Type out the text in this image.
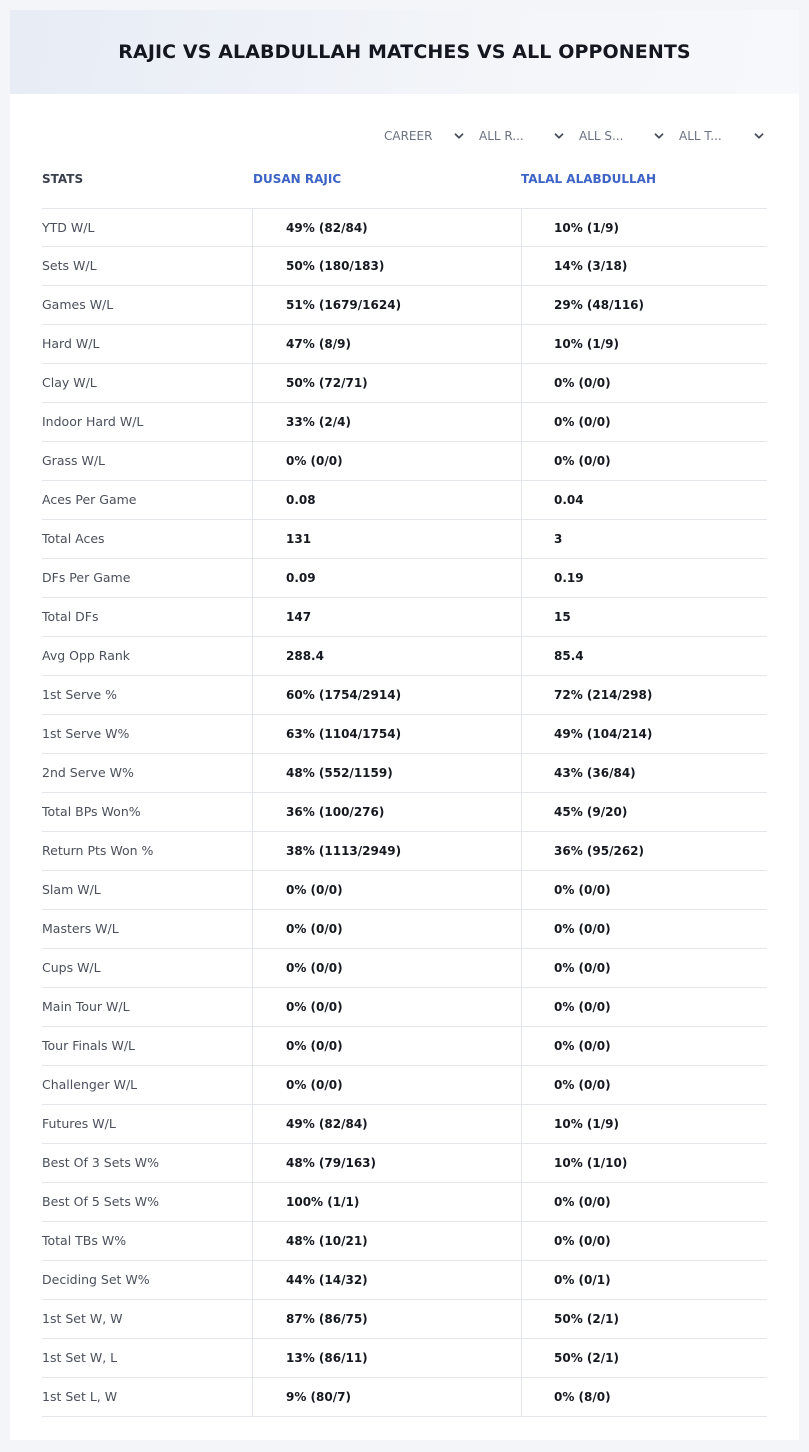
RAJIC VS ALABDULLAH MATCHES VS ALL OPPONENTS
CAREER	ALL R...	ALL S...	ALL T...
STATS	DUSAN RAJIC	TALAL ALABDULLAH
YTD W/L	49% (82/84)	10% (1/9)
Sets W/L	50% (180/183)	14% (3/18)
Games W/L	51% (1679/1624)	29% (48/116)
Hard W/L	47% (8/9)	10% (1/9)
Clay W/L	50% (72/71)	0% (0/0)
Indoor Hard W/L	33% (2/4)	0% (0/0)
Grass W/L	0% (0/0)	0% (0/0)
Aces Per Game	0.08	0.04
Total Aces	131	3
DFs Per Game	0.09	0.19
Total DFs	147	15
Avg Opp Rank	288.4	85.4
1st Serve %	60% (1754/2914)	72% (214/298)
1st Serve W%	63% (1104/1754)	49% (104/214)
2nd Serve W%	48% (552/1159)	43% (36/84)
Total BPs Won%	36% (100/276)	45% (9/20)
Return Pts Won %	38% (1113/2949)	36% (95/262)
Slam W/L	0% (0/0)	0% (0/0)
Masters W/L	0% (0/0)	0% (0/0)
Cups W/L	0% (0/0)	0% (0/0)
Main Tour W/L	0% (0/0)	0% (0/0)
Tour Finals W/L	0% (0/0)	0% (0/0)
Challenger W/L	0% (0/0)	0% (0/0)
Futures W/L	49% (82/84)	10% (1/9)
Best Of 3 Sets W%	48% (79/163)	10% (1/10)
Best Of 5 Sets W%	100% (1/1)	0% (0/0)
Total TBs W%	48% (10/21)	0% (0/0)
Deciding Set W%	44% (14/32)	0% (0/1)
1st Set W, W	87% (86/75)	50% (2/1)
1st Set W, L	13% (86/11)	50% (2/1)
1st Set L, W	9% (80/7)	0% (8/0)
